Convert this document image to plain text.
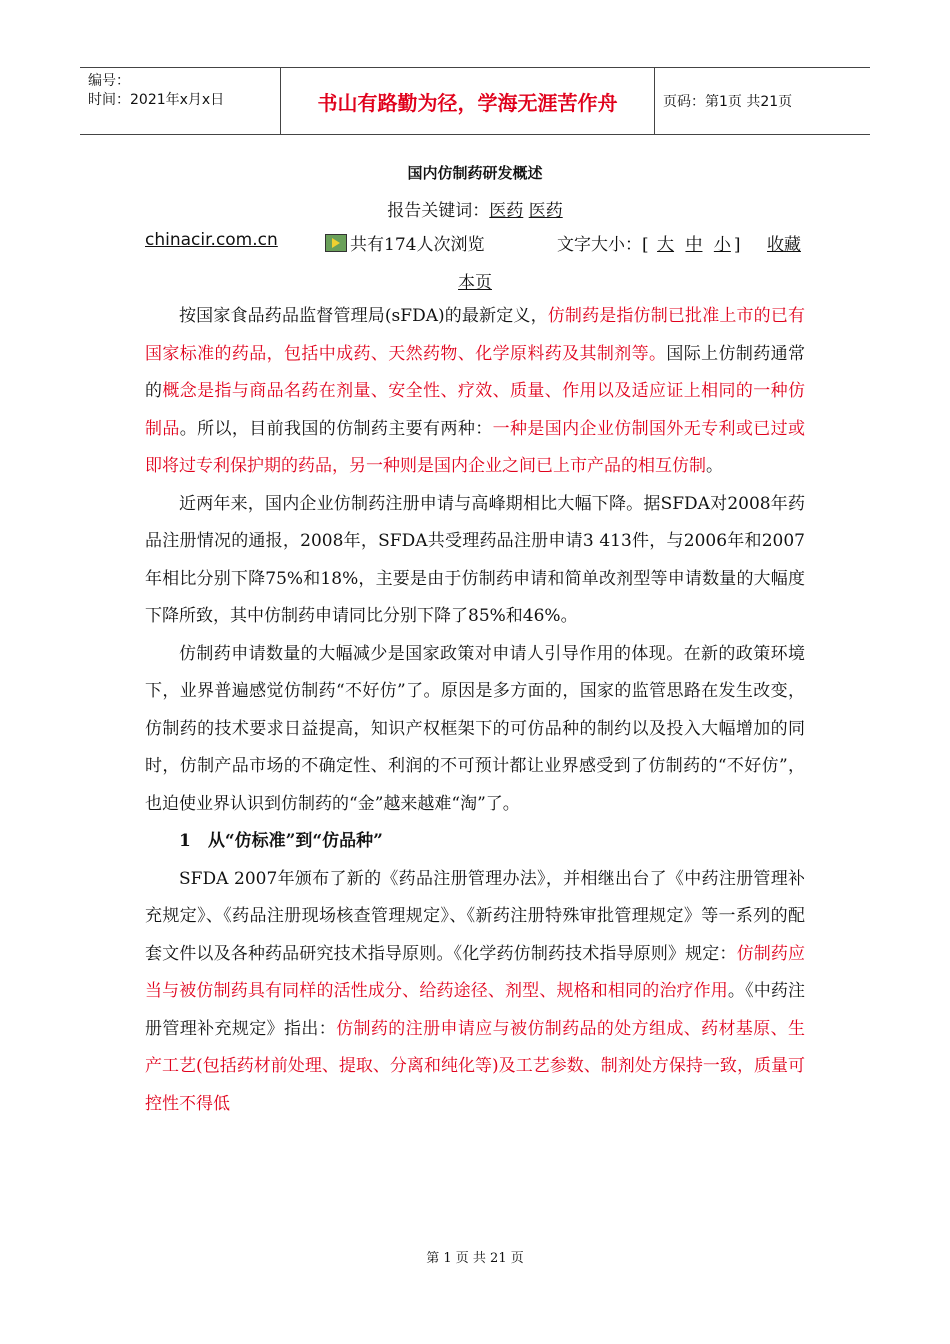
编号：
时间：2021年x月x日	书山有路勤为径，学海无涯苦作舟	页码：第1页 共21页
国内仿制药研发概述
报告关键词：医药 医药
chinacir.com.cn	共有174人次浏览	文字大小：[ 大 中 小 ] 收藏
本页

按国家食品药品监督管理局(sFDA)的最新定义，仿制药是指仿制已批准上市的已有国家标准的药品，包括中成药、天然药物、化学原料药及其制剂等。国际上仿制药通常的概念是指与商品名药在剂量、安全性、疗效、质量、作用以及适应证上相同的一种仿制品。所以，目前我国的仿制药主要有两种：一种是国内企业仿制国外无专利或已过或即将过专利保护期的药品，另一种则是国内企业之间已上市产品的相互仿制。

近两年来，国内企业仿制药注册申请与高峰期相比大幅下降。据SFDA对2008年药品注册情况的通报，2008年，SFDA共受理药品注册申请3 413件，与2006年和2007年相比分别下降75%和18%，主要是由于仿制药申请和简单改剂型等申请数量的大幅度下降所致，其中仿制药申请同比分别下降了85%和46%。

仿制药申请数量的大幅减少是国家政策对申请人引导作用的体现。在新的政策环境下，业界普遍感觉仿制药“不好仿”了。原因是多方面的，国家的监管思路在发生改变，仿制药的技术要求日益提高，知识产权框架下的可仿品种的制约以及投入大幅增加的同时，仿制产品市场的不确定性、利润的不可预计都让业界感受到了仿制药的“不好仿”，也迫使业界认识到仿制药的“金”越来越难“淘”了。

1　从“仿标准”到“仿品种”

SFDA 2007年颁布了新的《药品注册管理办法》，并相继出台了《中药注册管理补充规定》、《药品注册现场核查管理规定》、《新药注册特殊审批管理规定》等一系列的配套文件以及各种药品研究技术指导原则。《化学药仿制药技术指导原则》规定：仿制药应当与被仿制药具有同样的活性成分、给药途径、剂型、规格和相同的治疗作用。《中药注册管理补充规定》指出：仿制药的注册申请应与被仿制药品的处方组成、药材基原、生产工艺(包括药材前处理、提取、分离和纯化等)及工艺参数、制剂处方保持一致，质量可控性不得低

第 1 页 共 21 页
